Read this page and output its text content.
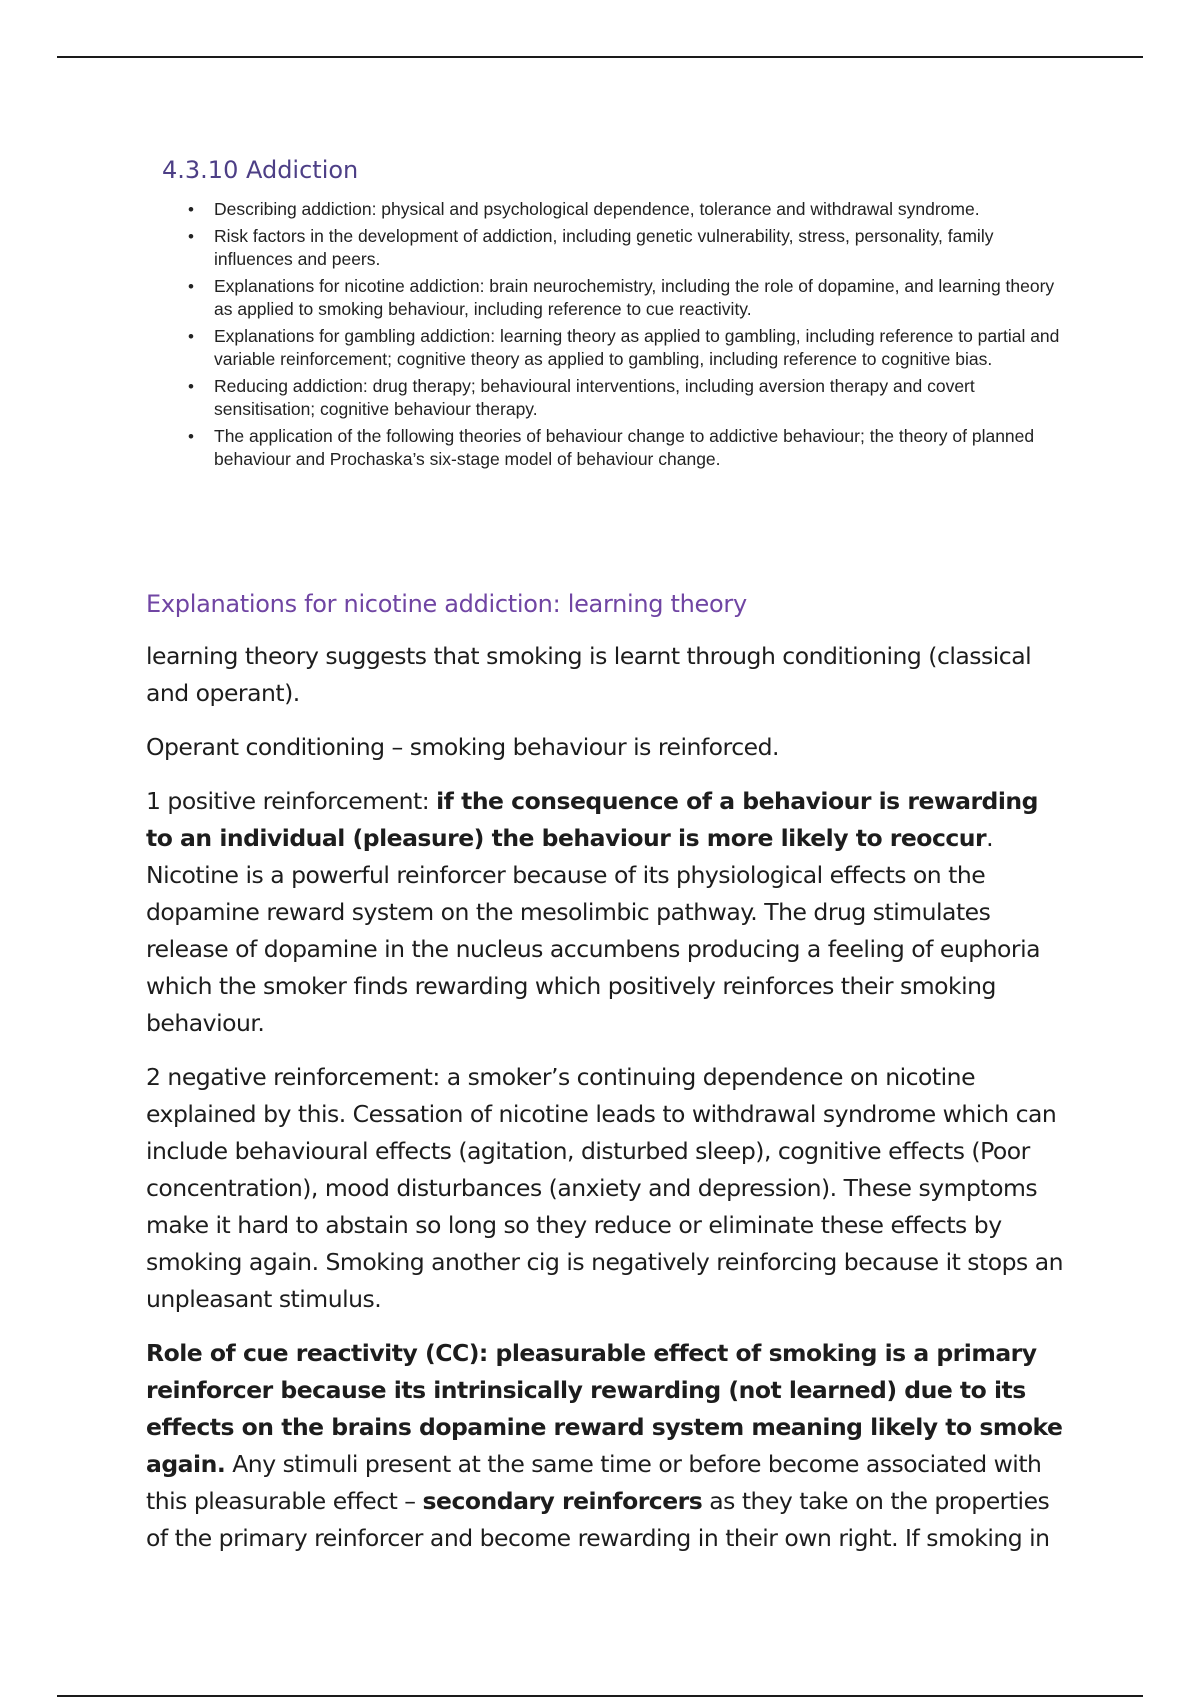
4.3.10 Addiction
• Describing addiction: physical and psychological dependence, tolerance and withdrawal syndrome.
• Risk factors in the development of addiction, including genetic vulnerability, stress, personality, family influences and peers.
• Explanations for nicotine addiction: brain neurochemistry, including the role of dopamine, and learning theory as applied to smoking behaviour, including reference to cue reactivity.
• Explanations for gambling addiction: learning theory as applied to gambling, including reference to partial and variable reinforcement; cognitive theory as applied to gambling, including reference to cognitive bias.
• Reducing addiction: drug therapy; behavioural interventions, including aversion therapy and covert sensitisation; cognitive behaviour therapy.
• The application of the following theories of behaviour change to addictive behaviour; the theory of planned behaviour and Prochaska’s six-stage model of behaviour change.
Explanations for nicotine addiction: learning theory

learning theory suggests that smoking is learnt through conditioning (classical and operant).

Operant conditioning – smoking behaviour is reinforced.

1 positive reinforcement: if the consequence of a behaviour is rewarding to an individual (pleasure) the behaviour is more likely to reoccur. Nicotine is a powerful reinforcer because of its physiological effects on the dopamine reward system on the mesolimbic pathway. The drug stimulates release of dopamine in the nucleus accumbens producing a feeling of euphoria which the smoker finds rewarding which positively reinforces their smoking behaviour.

2 negative reinforcement: a smoker’s continuing dependence on nicotine explained by this. Cessation of nicotine leads to withdrawal syndrome which can include behavioural effects (agitation, disturbed sleep), cognitive effects (Poor concentration), mood disturbances (anxiety and depression). These symptoms make it hard to abstain so long so they reduce or eliminate these effects by smoking again. Smoking another cig is negatively reinforcing because it stops an unpleasant stimulus.

Role of cue reactivity (CC): pleasurable effect of smoking is a primary reinforcer because its intrinsically rewarding (not learned) due to its effects on the brains dopamine reward system meaning likely to smoke again. Any stimuli present at the same time or before become associated with this pleasurable effect – secondary reinforcers as they take on the properties of the primary reinforcer and become rewarding in their own right. If smoking in
